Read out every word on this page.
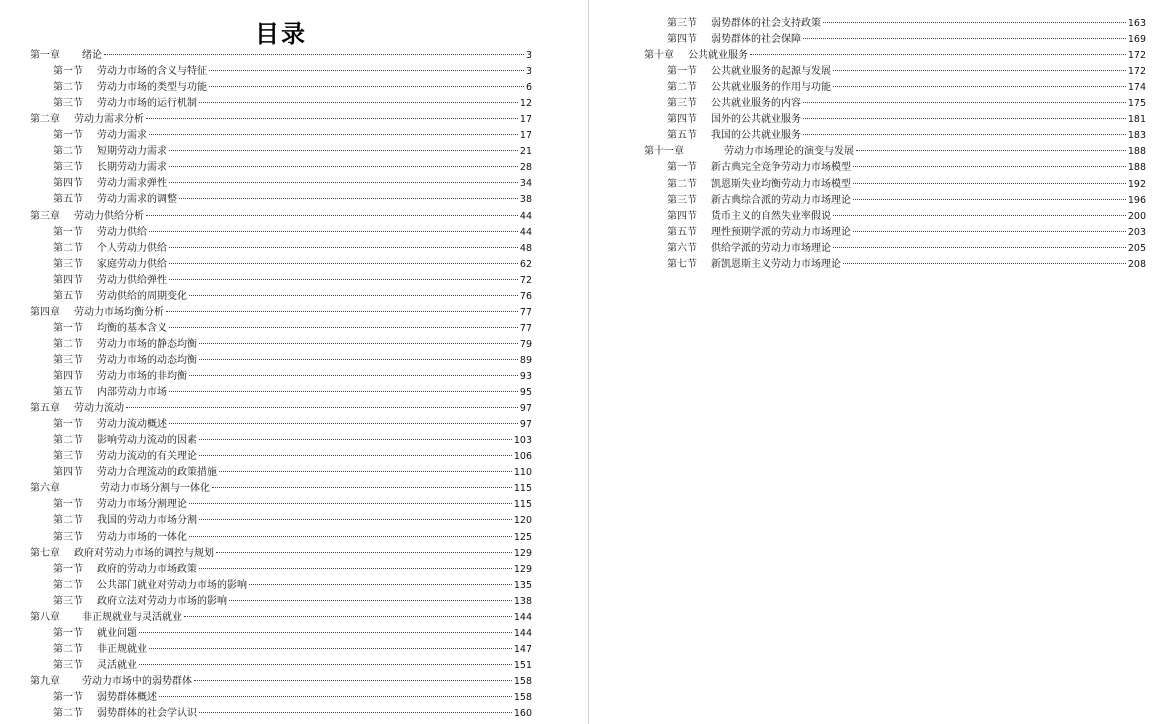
目录
第一章 绪论	3
第一节 劳动力市场的含义与特征	3
第二节 劳动力市场的类型与功能	6
第三节 劳动力市场的运行机制	12
第二章 劳动力需求分析	17
第一节 劳动力需求	17
第二节 短期劳动力需求	21
第三节 长期劳动力需求	28
第四节 劳动力需求弹性	34
第五节 劳动力需求的调整	38
第三章 劳动力供给分析	44
第一节 劳动力供给	44
第二节 个人劳动力供给	48
第三节 家庭劳动力供给	62
第四节 劳动力供给弹性	72
第五节 劳动供给的周期变化	76
第四章 劳动力市场均衡分析	77
第一节 均衡的基本含义	77
第二节 劳动力市场的静态均衡	79
第三节 劳动力市场的动态均衡	89
第四节 劳动力市场的非均衡	93
第五节 内部劳动力市场	95
第五章 劳动力流动	97
第一节 劳动力流动概述	97
第二节 影响劳动力流动的因素	103
第三节 劳动力流动的有关理论	106
第四节 劳动力合理流动的政策措施	110
第六章	劳动力市场分割与一体化	115
第一节 劳动力市场分割理论	115
第二节 我国的劳动力市场分割	120
第三节 劳动力市场的一体化	125
第七章 政府对劳动力市场的调控与规划	129
第一节 政府的劳动力市场政策	129
第二节 公共部门就业对劳动力市场的影响	135
第三节 政府立法对劳动力市场的影响	138
第八章 非正规就业与灵活就业	144
第一节 就业问题	144
第二节 非正规就业	147
第三节 灵活就业	151
第九章 劳动力市场中的弱势群体	158
第一节 弱势群体概述	158
第二节 弱势群体的社会学认识	160
第三节 弱势群体的社会支持政策	163
第四节 弱势群体的社会保障	169
第十章 公共就业服务	172
第一节 公共就业服务的起源与发展	172
第二节 公共就业服务的作用与功能	174
第三节 公共就业服务的内容	175
第四节 国外的公共就业服务	181
第五节 我国的公共就业服务	183
第十一章	劳动力市场理论的演变与发展	188
第一节 新古典完全竞争劳动力市场模型	188
第二节 凯恩斯失业均衡劳动力市场模型	192
第三节 新古典综合派的劳动力市场理论	196
第四节 货币主义的自然失业率假说	200
第五节 理性预期学派的劳动力市场理论	203
第六节 供给学派的劳动力市场理论	205
第七节 新凯恩斯主义劳动力市场理论	208
